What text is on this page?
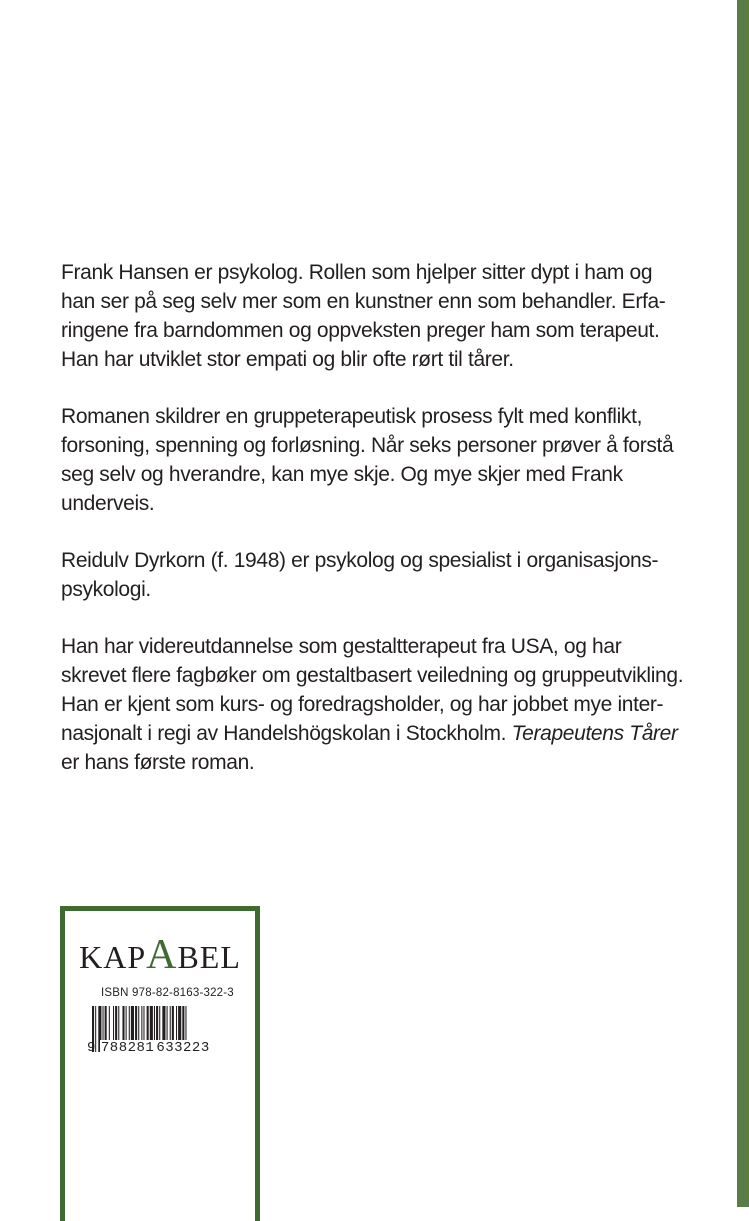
Frank Hansen er psykolog. Rollen som hjelper sitter dypt i ham og
han ser på seg selv mer som en kunstner enn som behandler. Erfa-
ringene fra barndommen og oppveksten preger ham som terapeut.
Han har utviklet stor empati og blir ofte rørt til tårer.

Romanen skildrer en gruppeterapeutisk prosess fylt med konflikt,
forsoning, spenning og forløsning. Når seks personer prøver å forstå
seg selv og hverandre, kan mye skje. Og mye skjer med Frank
underveis.

Reidulv Dyrkorn (f. 1948) er psykolog og spesialist i organisasjons-
psykologi.

Han har videreutdannelse som gestaltterapeut fra USA, og har
skrevet flere fagbøker om gestaltbasert veiledning og gruppeutvikling.
Han er kjent som kurs- og foredragsholder, og har jobbet mye inter-
nasjonalt i regi av Handelshögskolan i Stockholm. Terapeutens Tårer
er hans første roman.

KAPABEL
ISBN 978-82-8163-322-3
9 788281 633223
